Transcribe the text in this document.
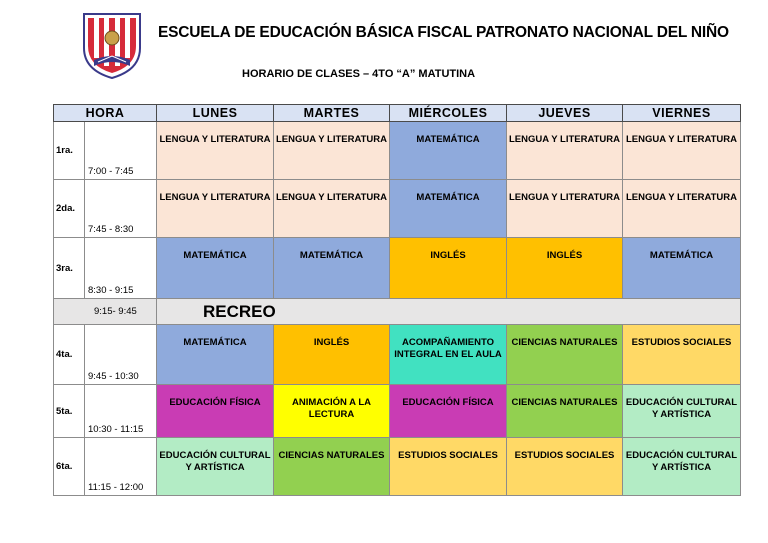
ESCUELA DE EDUCACIÓN BÁSICA FISCAL PATRONATO NACIONAL DEL NIÑO
HORARIO DE CLASES – 4TO “A” MATUTINA
HORA		LUNES	MARTES	MIÉRCOLES	JUEVES	VIERNES
1ra.	7:00 - 7:45	LENGUA Y LITERATURA	LENGUA Y LITERATURA	MATEMÁTICA	LENGUA Y LITERATURA	LENGUA Y LITERATURA
2da.	7:45 - 8:30	LENGUA Y LITERATURA	LENGUA Y LITERATURA	MATEMÁTICA	LENGUA Y LITERATURA	LENGUA Y LITERATURA
3ra.	8:30 - 9:15	MATEMÁTICA	MATEMÁTICA	INGLÉS	INGLÉS	MATEMÁTICA
9:15- 9:45		RECREO				
4ta.	9:45 - 10:30	MATEMÁTICA	INGLÉS	ACOMPAÑAMIENTO INTEGRAL EN EL AULA	CIENCIAS NATURALES	ESTUDIOS SOCIALES
5ta.	10:30 - 11:15	EDUCACIÓN FÍSICA	ANIMACIÓN A LA LECTURA	EDUCACIÓN FÍSICA	CIENCIAS NATURALES	EDUCACIÓN CULTURAL Y ARTÍSTICA
6ta.	11:15 - 12:00	EDUCACIÓN CULTURAL Y ARTÍSTICA	CIENCIAS NATURALES	ESTUDIOS SOCIALES	ESTUDIOS SOCIALES	EDUCACIÓN CULTURAL Y ARTÍSTICA
